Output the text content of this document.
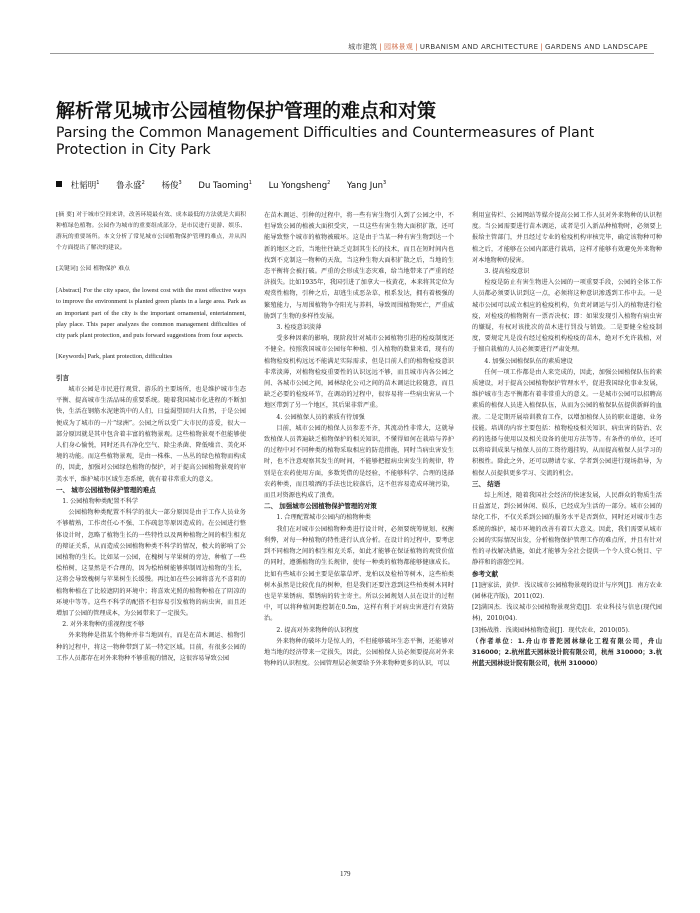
城市建筑 | 园林景观 | URBANISM AND ARCHITECTURE | GARDENS AND LANDSCAPE
解析常见城市公园植物保护管理的难点和对策
Parsing the Common Management Difficulties and Countermeasures of Plant Protection in City Park
杜韬明$^1$ 鲁永盛$^2$ 杨俊$^3$ Du Taoming$^1$ Lu Yongsheng$^2$ Yang Jun$^3$

[摘 要] 对于城市空间来讲，改善环境最有效、成本最低的方法就是大面积种植绿色植物。公园作为城市的重要组成部分，是市民进行更游、娱乐、游玩的重要场所。本文分析了常见城市公园植物保护管理的难点，并从四个方面提出了解决的建议。

[关键词] 公园 植物保护 难点

[Abstract] For the city space, the lowest cost with the most effective ways to improve the environment is planted green plants in a large area. Park as an important part of the city is the important ornamental, entertainment, play place. This paper analyzes the common management difficulties of city park plant protection, and puts forward suggestions from four aspects.

[Keywords] Park, plant protection, difficulties

引言

城市公园是市民进行观赏、游乐的主要场所，也是维护城市生态平衡、提高城市生活品味的重要系统。随着我国城市化进程的不断加快，生活在钢筋水泥建筑中的人们，日益渴望回归大自然，于是公园便成为了城市的一片“绿洲”。公园之所以受广大市民的喜爱，很大一部分原因就是其中包含着丰富的植物景观。这些植物景观不但能够使人们身心愉悦，同时还具有净化空气、除尘杀菌、降低噪音、美化环境的功能。而这些植物景观，是由一株株、一丛丛的绿色植物而构成的，因此，加强对公园绿色植物的保护，对于提高公园植物景观的审美水平，维护城市区域生态系统，就有着非常重大的意义。

一、 城市公园植物保护管理的难点

1. 公园植物种类配置不科学

公园植物种类配置不科学的很大一部分原因是由于工作人员业务不够精熟，工作责任心不强、工作疏忽等原因造成的。在公园进行整体设计时，忽略了植物生长的一些特性以及两种植物之间的相生相克的辩证关系，从而造成公园植物种类不科学的情况，极大的影响了公园植物的生长。比如某一公园，在槐树与苹果树的旁边，种植了一些桧柏树，这显然是不合理的，因为桧柏树能够抑制周边植物的生长，这将会导致槐树与苹果树生长缓慢。再比如在些公园将喜光不喜阴的植物种植在了比较遮阴的环境中；将喜欢光照的植物种植在了阴凉的环境中等等。这些不科学的配搭不但容易引发植物的病虫害，而且还增加了公园的管理成本，为公园带来了一定损失。

2. 对外来物种的重视程度不够

外来物种是指某个物种并非当地固有，而是在苗木调运、植物引种的过程中，将这一物种带到了某一特定区域。目前，有很多公园的工作人员都存在对外来物种不够重视的情况，这很容易导致公园

在苗木调运、引种的过程中，将一些有害生物引入到了公园之中，不但导致公园的植被大面积受灾，一旦这些有害生物大面积扩散，还可能导致整个城市的植物被破坏。这是由于当某一种有害生物到达一个新的地区之后，当地往往缺乏克制其生长的技术，而且在短时间内也找到不克制这一物种的天敌，当这种生物大面积扩散之后，当地的生态平衡将会被打破。严重的会形成生态灾难，给当地带来了严重的经济损失。比如1935年，我国引进了加拿大一枝黄花，本来将其定位为观赏性植物，引种之后，却逃生成恶杂草，根系发达，拥有着极强的繁殖能力，与周围植物争夺阳光与养料，导致周围植物死亡，严重威胁到了生物的多样性发展。

3. 检疫意识淡薄

受多种因素的影响，现阶段针对城市公园植物引进的检疫制度还不健全。按照我国城市公园每年种植、引入植物的数量来看，现有的植物检疫机构远远不能满足实际需求，但是目前人们的植物检疫意识非常淡薄，对植物检疫重要性的认识远远不够，而且城市内各公园之间、各城市公园之间，园林绿化公司之间的苗木调运比较随意，而且缺乏必要的检疫环节，在调动的过程中，很容易将一些病虫害从一个地区带到了另一个地区，其后果非常严重。

4. 公园植保人员的素质有待加强

目前，城市公园的植保人员参差不齐，其流动性非常大，这就导致植保人员普遍缺乏植物保护的相关知识，不懂得如何在栽培与养护的过程中对不同种类的植物采取相应的防范措施，同时当病虫害发生时，也不注意观察其发生的时间，不能够把握病虫害发生的规律，特别是在农药使用方面，多数凭借的是经验，不能够科学、合理的选择农药种类，而且喷洒的手法也比较落后，这不但容易造成环境污染，而且对资源也构成了浪费。

二、 加强城市公园植物保护管理的对策

1. 合理配置城市公园内的植物种类

我们在对城市公园植物种类进行设计时，必须要统筹规划、权衡利弊，对每一种植物的特性进行认真分析。在设计的过程中，要考虑到不同植物之间的相生相克关系，如此才能够在保证植物的观赏价值的同时，遵循植物的生长规律，使每一种类的植物都能够健康成长。比如有些城市公园主要是依靠草坪、龙柏以及检柏等树木，这些柏类树木虽然是比较优良的树种，但是我们还要注意到这些柏类树木同时也是苹果锈病、梨锈病的转主寄主。所以公园规划人员在设计的过程中，可以将种植间距控制在0.5m，这样有利于对病虫害进行有效防治。

2. 提高对外来物种的认识程度

外来物种的破坏力是惊人的，不但能够破坏生态平衡，还能够对地当地的经济带来一定损失，因此，公园植保人员必须要提高对外来物种的认识程度。公园管理层必须要给予外来物种更多的认识，可以

利用宣传栏、公园网站等媒介提高公园工作人员对外来物种的认识程度。当公园需要进行苗木调运，或者是引入新品种植物时，必须要上报给主管部门，并且经过专业的检疫机构审核完毕，确定该物种可种植之后，才能够在公园内部进行栽培，这样才能够有效避免外来物种对本地物种的侵害。

3. 提高检疫意识

检疫是防止有害生物进入公园的一项重要手段，公园的全体工作人员都必须要认识到这一点，必须将这种意识渗透到工作中去。一是城市公园可以成立相应的检疫机构，负责对调运与引入的植物进行检疫，对检疫的植物附有一票否决权；即：如果发现引入植物有病虫害的嫌疑，有权对该批次的苗木进行罚没与销毁。二是要健全检疫制度，要规定凡是没有经过检疫机构检疫的苗木，绝对不允许栽植，对于擅自栽植的人员必须要进行严肃处理。

4. 加强公园植保队伍的素质建设

任何一项工作都是由人来完成的，因此，加强公园植保队伍的素质建设，对于提高公园植物保护管理水平，促进我国绿化事业发展，维护城市生态平衡都有着非常重大的意义。一是城市公园可以招聘高素质的植保人员进入植保队伍，从而为公园的植保队伍提供新鲜的血液。二是定期开展培训教育工作，以增加植保人员的职业道德、业务技能。培训的内容主要包括：植物检疫相关知识、病虫害的防治、农药的选择与使用以及相关设备的使用方法等等。有条件的单位，还可以将培训成果与植保人员的工资待遇挂钩，从而提高植保人员学习的积极性。除此之外，还可以聘请专家、学者到公园进行现场指导，为植保人员提供更多学习、交流的机会。

三、 结语

综上所述，随着我国社会经济的快速发展，人民群众的物质生活日益富足，到公园休闲、娱乐，已经成为生活的一部分。城市公园的绿化工作，不仅关系到公园的服务水平是否到位，同时还对城市生态系统的维护，城市环境的改善有着巨大意义。因此，我们需要从城市公园的实际情况出发，分析植物保护管理工作的难点所，并且有针对性的寻找解决措施，如此才能够为全社会提供一个令人赏心悦目、宁静祥和的游憩空间。

参考文献

[1]唐家法，黄伊．浅议城市公园植物景观的设计与序列[J]．南方农业(园林花卉版)，2011(02)．

[2]满国杰．浅议城市公园植物景观营造[J]．农业科技与信息(现代园林)，2010(04)．

[3]杨战胜．浅谈园林植物造景[J]．现代农业，2010(05)．

（作者单位：1.舟山市普陀园林绿化工程有限公司，舟山 316000；2.杭州蓝天园林设计院有限公司，杭州 310000；3.杭州蓝天园林设计院有限公司，杭州 310000）

179
